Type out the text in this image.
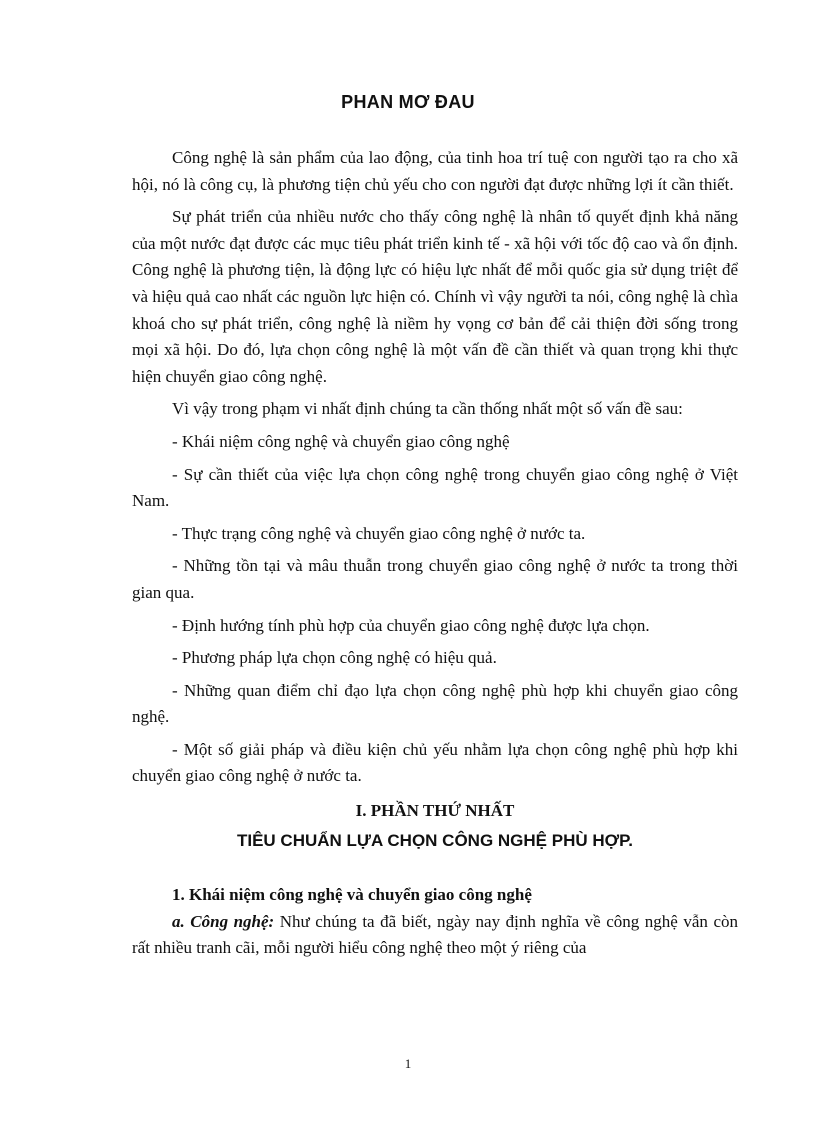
PHAN MƠ ĐAU

Công nghệ là sản phẩm của lao động, của tinh hoa trí tuệ con người tạo ra cho xã hội, nó là công cụ, là phương tiện chủ yếu cho con người đạt được những lợi ít cần thiết.

Sự phát triển của nhiều nước cho thấy công nghệ là nhân tố quyết định khả năng của một nước đạt được các mục tiêu phát triển kinh tế - xã hội với tốc độ cao và ổn định. Công nghệ là phương tiện, là động lực có hiệu lực nhất để mỗi quốc gia sử dụng triệt để và hiệu quả cao nhất các nguồn lực hiện có. Chính vì vậy người ta nói, công nghệ là chìa khoá cho sự phát triển, công nghệ là niềm hy vọng cơ bản để cải thiện đời sống trong mọi xã hội. Do đó, lựa chọn công nghệ là một vấn đề cần thiết và quan trọng khi thực hiện chuyển giao công nghệ.

Vì vậy trong phạm vi nhất định chúng ta cần thống nhất một số vấn đề sau:

- Khái niệm công nghệ và chuyển giao công nghệ

- Sự cần thiết của việc lựa chọn công nghệ trong chuyển giao công nghệ ở Việt Nam.

- Thực trạng công nghệ và chuyển giao công nghệ ở nước ta.

- Những tồn tại và mâu thuẫn trong chuyển giao công nghệ ở nước ta trong thời gian qua.

- Định hướng tính phù hợp của chuyển giao công nghệ được lựa chọn.

- Phương pháp lựa chọn công nghệ có hiệu quả.

- Những quan điểm chỉ đạo lựa chọn công nghệ phù hợp khi chuyển giao công nghệ.

- Một số giải pháp và điều kiện chủ yếu nhằm lựa chọn công nghệ phù hợp khi chuyển giao công nghệ ở nước ta.

I. PHẦN THỨ NHẤT
TIÊU CHUẨN LỰA CHỌN CÔNG NGHỆ PHÙ HỢP.

1. Khái niệm công nghệ và chuyển giao công nghệ

a. Công nghệ: Như chúng ta đã biết, ngày nay định nghĩa về công nghệ vẫn còn rất nhiều tranh cãi, mỗi người hiểu công nghệ theo một ý riêng của

1
